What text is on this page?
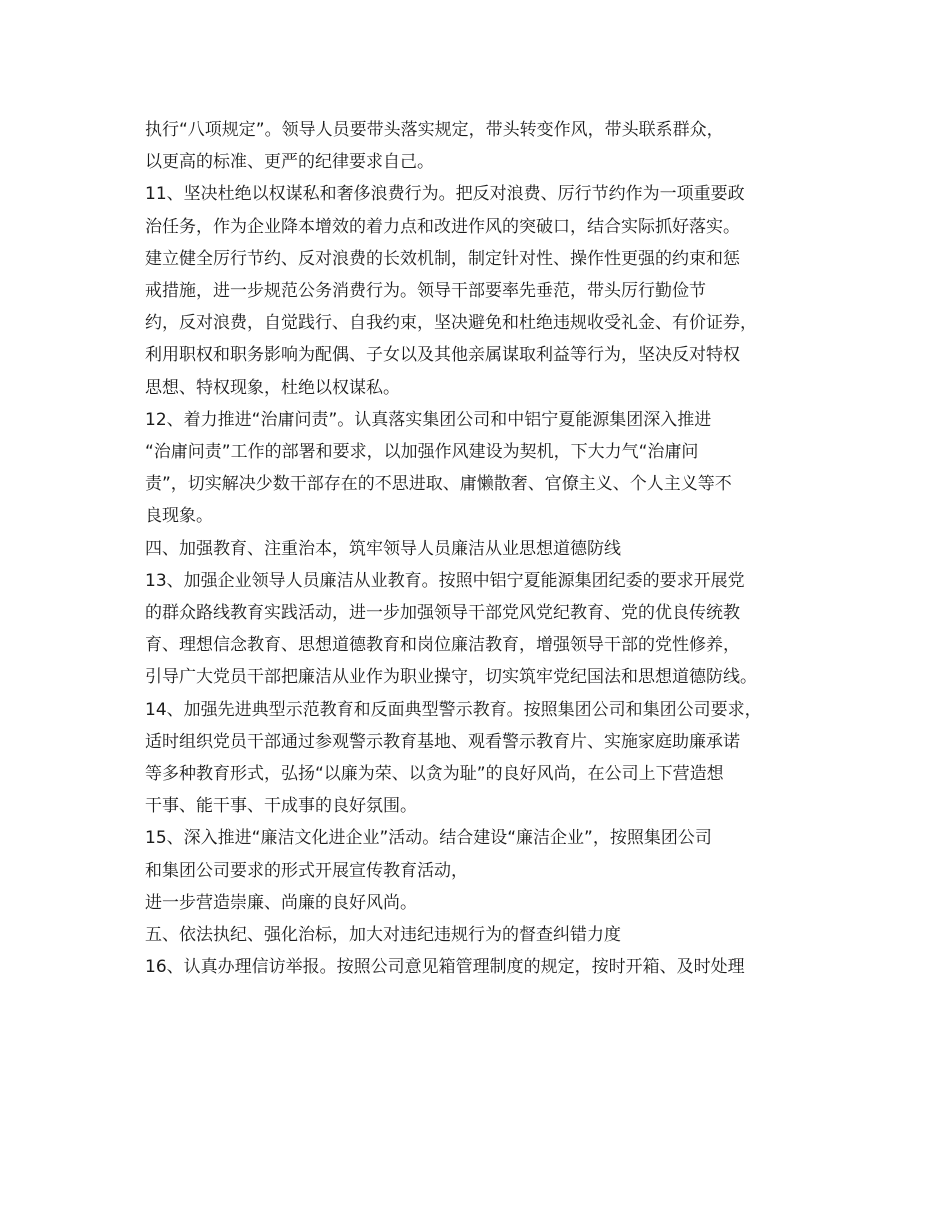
执行“八项规定”。领导人员要带头落实规定，带头转变作风，带头联系群众，

以更高的标准、更严的纪律要求自己。

11、坚决杜绝以权谋私和奢侈浪费行为。把反对浪费、厉行节约作为一项重要政

治任务，作为企业降本增效的着力点和改进作风的突破口，结合实际抓好落实。

建立健全厉行节约、反对浪费的长效机制，制定针对性、操作性更强的约束和惩

戒措施，进一步规范公务消费行为。领导干部要率先垂范，带头厉行勤俭节

约，反对浪费，自觉践行、自我约束，坚决避免和杜绝违规收受礼金、有价证券，

利用职权和职务影响为配偶、子女以及其他亲属谋取利益等行为，坚决反对特权

思想、特权现象，杜绝以权谋私。

12、着力推进“治庸问责”。认真落实集团公司和中铝宁夏能源集团深入推进

“治庸问责”工作的部署和要求，以加强作风建设为契机，下大力气“治庸问

责”，切实解决少数干部存在的不思进取、庸懒散奢、官僚主义、个人主义等不

良现象。

四、加强教育、注重治本，筑牢领导人员廉洁从业思想道德防线

13、加强企业领导人员廉洁从业教育。按照中铝宁夏能源集团纪委的要求开展党

的群众路线教育实践活动，进一步加强领导干部党风党纪教育、党的优良传统教

育、理想信念教育、思想道德教育和岗位廉洁教育，增强领导干部的党性修养，

引导广大党员干部把廉洁从业作为职业操守，切实筑牢党纪国法和思想道德防线。

14、加强先进典型示范教育和反面典型警示教育。按照集团公司和集团公司要求，

适时组织党员干部通过参观警示教育基地、观看警示教育片、实施家庭助廉承诺

等多种教育形式，弘扬“以廉为荣、以贪为耻”的良好风尚，在公司上下营造想

干事、能干事、干成事的良好氛围。

15、深入推进“廉洁文化进企业”活动。结合建设“廉洁企业”，按照集团公司

和集团公司要求的形式开展宣传教育活动，

进一步营造崇廉、尚廉的良好风尚。

五、依法执纪、强化治标，加大对违纪违规行为的督查纠错力度

16、认真办理信访举报。按照公司意见箱管理制度的规定，按时开箱、及时处理
